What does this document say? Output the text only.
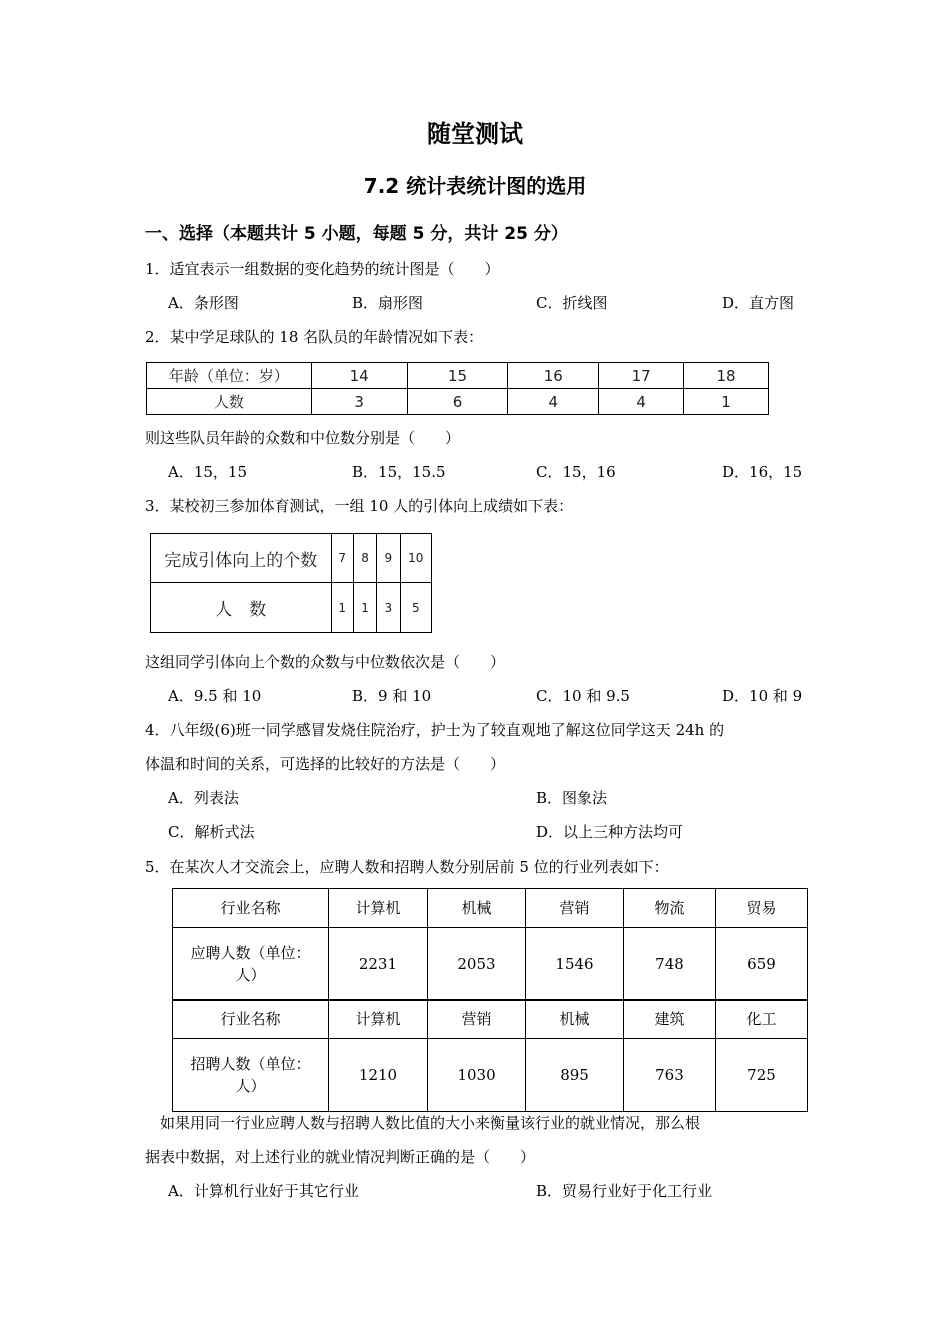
随堂测试
7.2 统计表统计图的选用
一、选择（本题共计 5 小题，每题 5 分，共计 25 分）
1．适宜表示一组数据的变化趋势的统计图是（　　）
A．条形图	B．扇形图	C．折线图	D．直方图
2．某中学足球队的 18 名队员的年龄情况如下表：
年龄（单位：岁）	14	15	16	17	18
人数	3	6	4	4	1
则这些队员年龄的众数和中位数分别是（　　）
A．15，15	B．15，15.5	C．15，16	D．16，15
3．某校初三参加体育测试，一组 10 人的引体向上成绩如下表：
完成引体向上的个数	7	8	9	10
人　数	1	1	3	5
这组同学引体向上个数的众数与中位数依次是（　　）
A．9.5 和 10	B．9 和 10	C．10 和 9.5	D．10 和 9
4．八年级(6)班一同学感冒发烧住院治疗，护士为了较直观地了解这位同学这天 24h 的
体温和时间的关系，可选择的比较好的方法是（　　）
A．列表法	B．图象法
C．解析式法	D．以上三种方法均可
5．在某次人才交流会上，应聘人数和招聘人数分别居前 5 位的行业列表如下：
行业名称	计算机	机械	营销	物流	贸易

应聘人数（单位：
人）	2231	2053	1546	748	659
行业名称	计算机	营销	机械	建筑	化工

招聘人数（单位：
人）	1210	1030	895	763	725
　如果用同一行业应聘人数与招聘人数比值的大小来衡量该行业的就业情况，那么根
据表中数据，对上述行业的就业情况判断正确的是（　　）
A．计算机行业好于其它行业	B．贸易行业好于化工行业
